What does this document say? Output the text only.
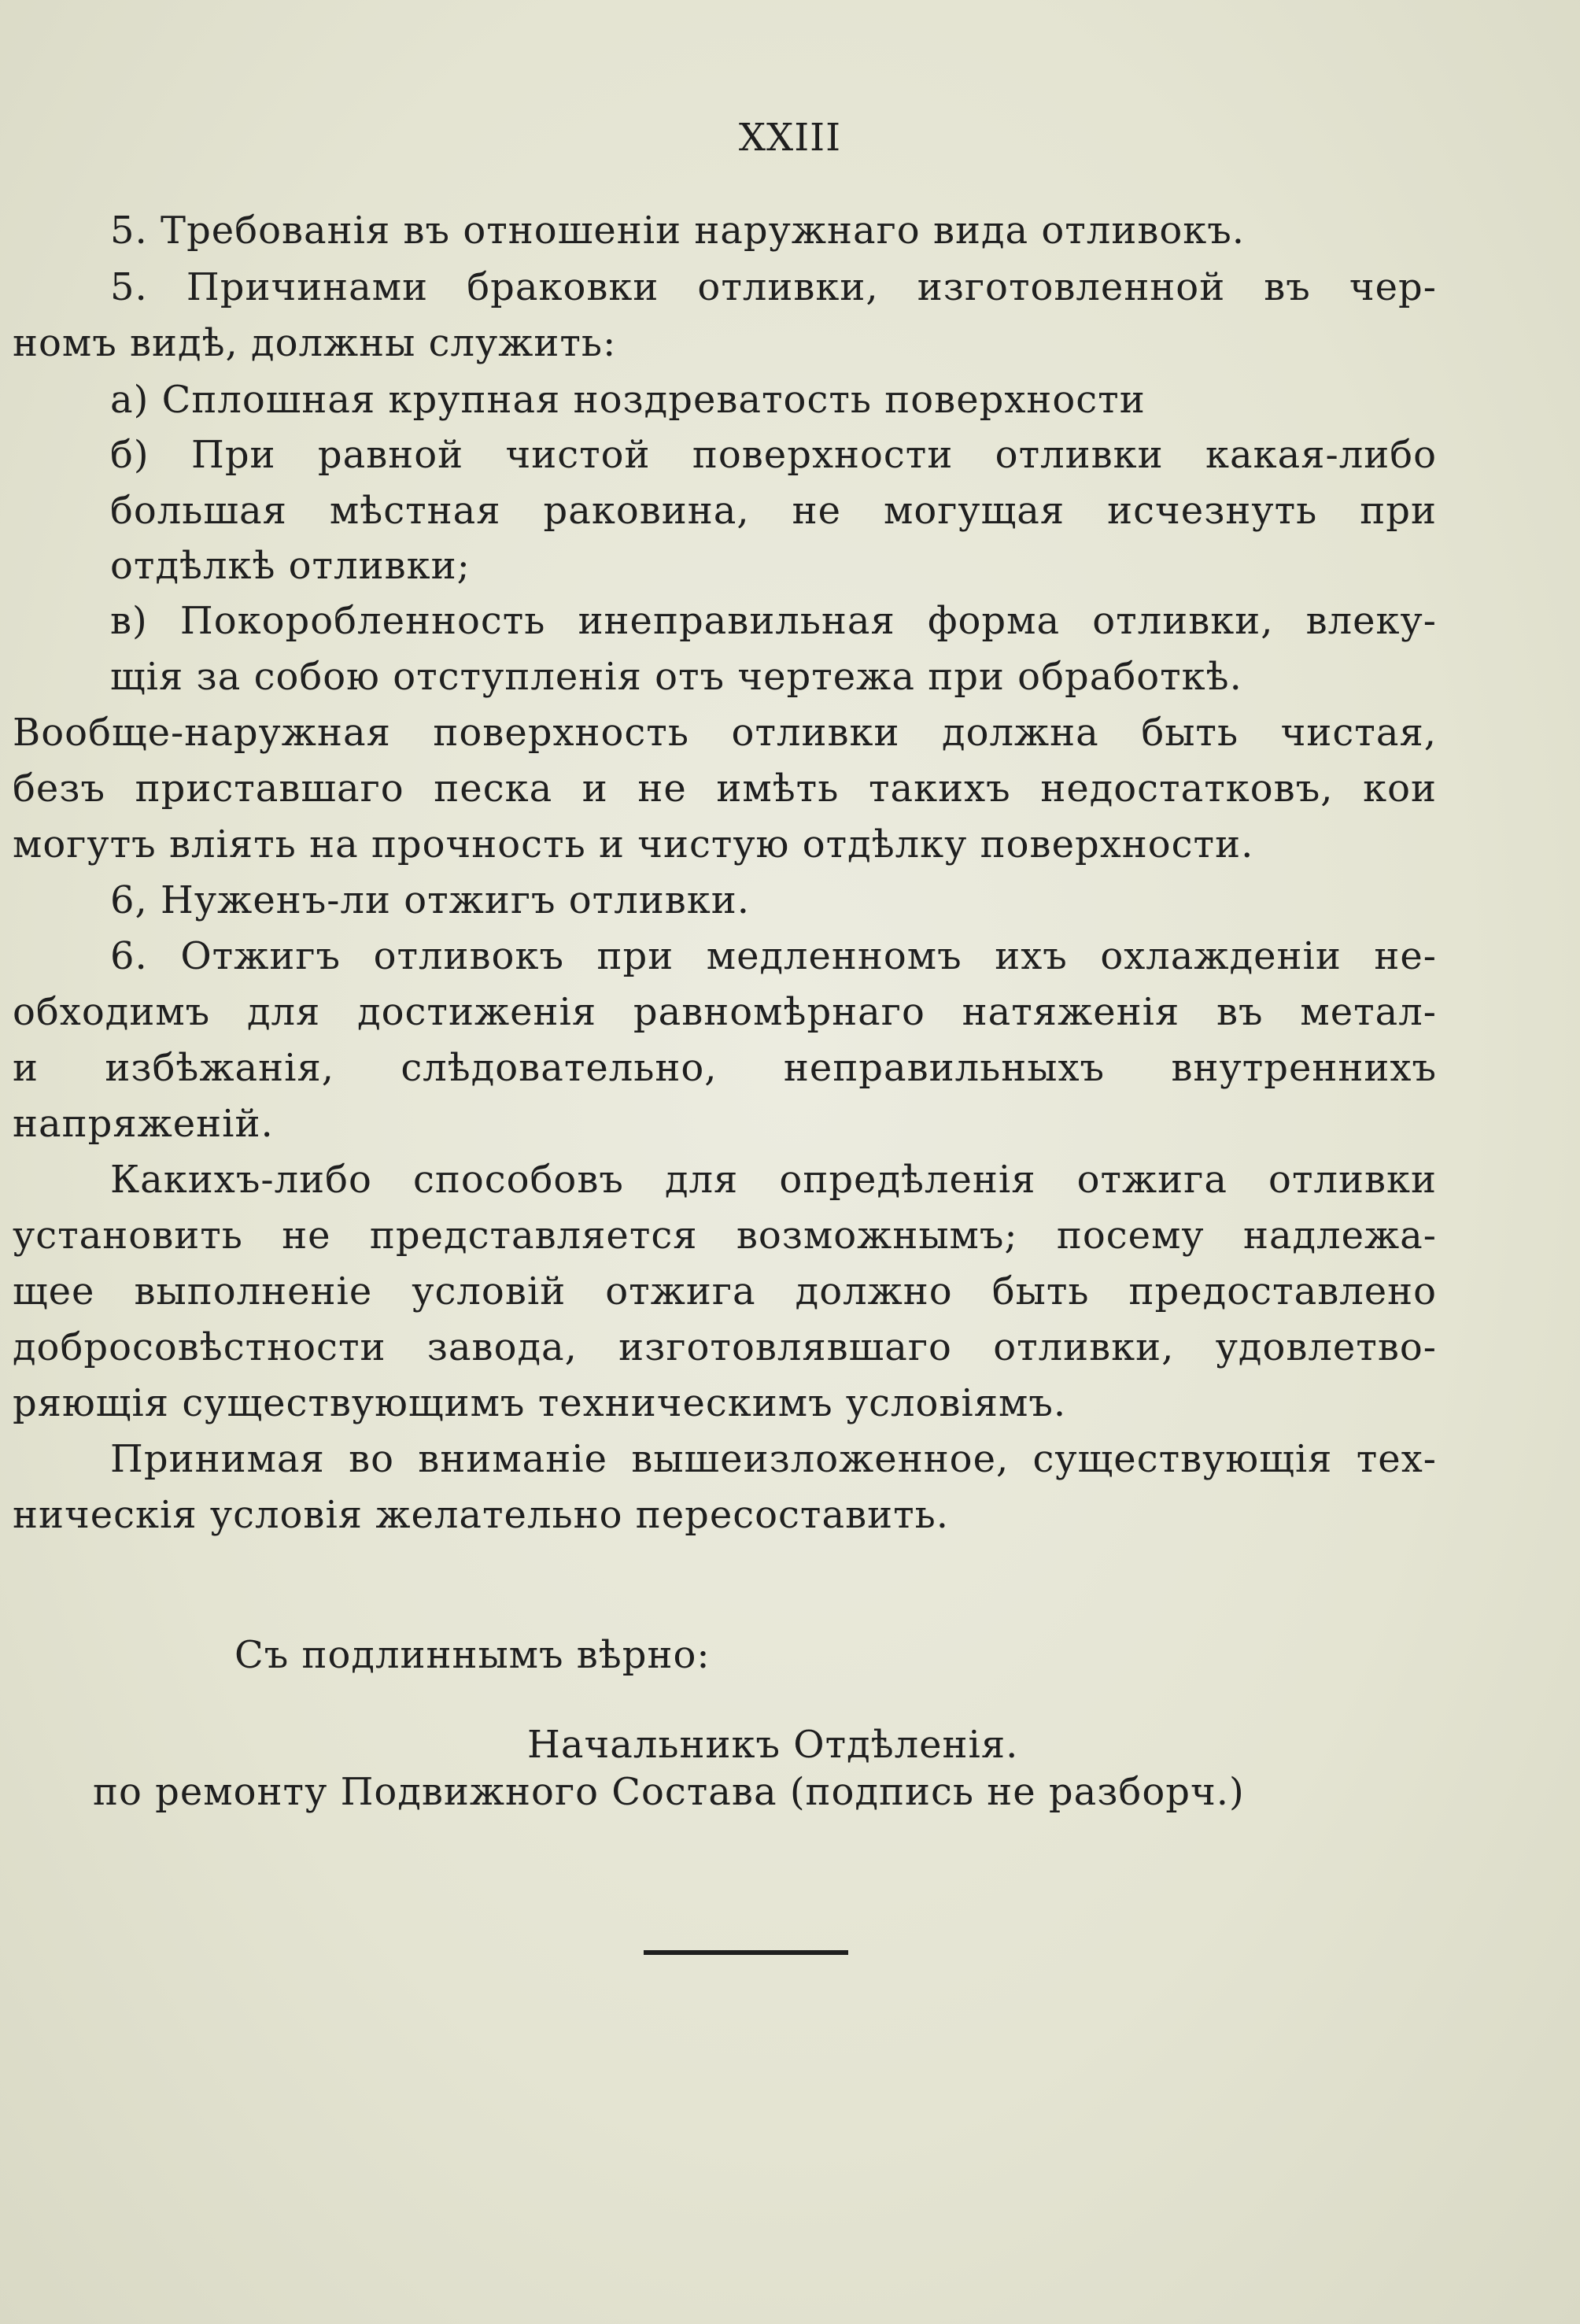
XXIII
5. Требованія въ отношеніи наружнаго вида отливокъ.
5. Причинами браковки отливки, изготовленной въ чер-
номъ видѣ, должны служить:
а) Сплошная крупная ноздреватость поверхности
б) При равной чистой поверхности отливки какая-либо
большая мѣстная раковина, не могущая исчезнуть при
отдѣлкѣ отливки;
в) Покоробленность инеправильная форма отливки, влеку-
щія за собою отступленія отъ чертежа при обработкѣ.
Вообще-наружная поверхность отливки должна быть чистая,
безъ приставшаго песка и не имѣть такихъ недостатковъ, кои
могутъ вліять на прочность и чистую отдѣлку поверхности.
6, Нуженъ-ли отжигъ отливки.
6. Отжигъ отливокъ при медленномъ ихъ охлажденіи не-
обходимъ для достиженія равномѣрнаго натяженія въ метал-
и избѣжанія, слѣдовательно, неправильныхъ внутреннихъ
напряженій.
Какихъ-либо способовъ для опредѣленія отжига отливки
установить не представляется возможнымъ; посему надлежа-
щее выполненіе условій отжига должно быть предоставлено
добросовѣстности завода, изготовлявшаго отливки, удовлетво-
ряющія существующимъ техническимъ условіямъ.
Принимая во вниманіе вышеизложенное, существующія тех-
ническія условія желательно пересоставить.
Съ подлиннымъ вѣрно:
Начальникъ Отдѣленія.
по ремонту Подвижного Состава (подпись не разборч.)
